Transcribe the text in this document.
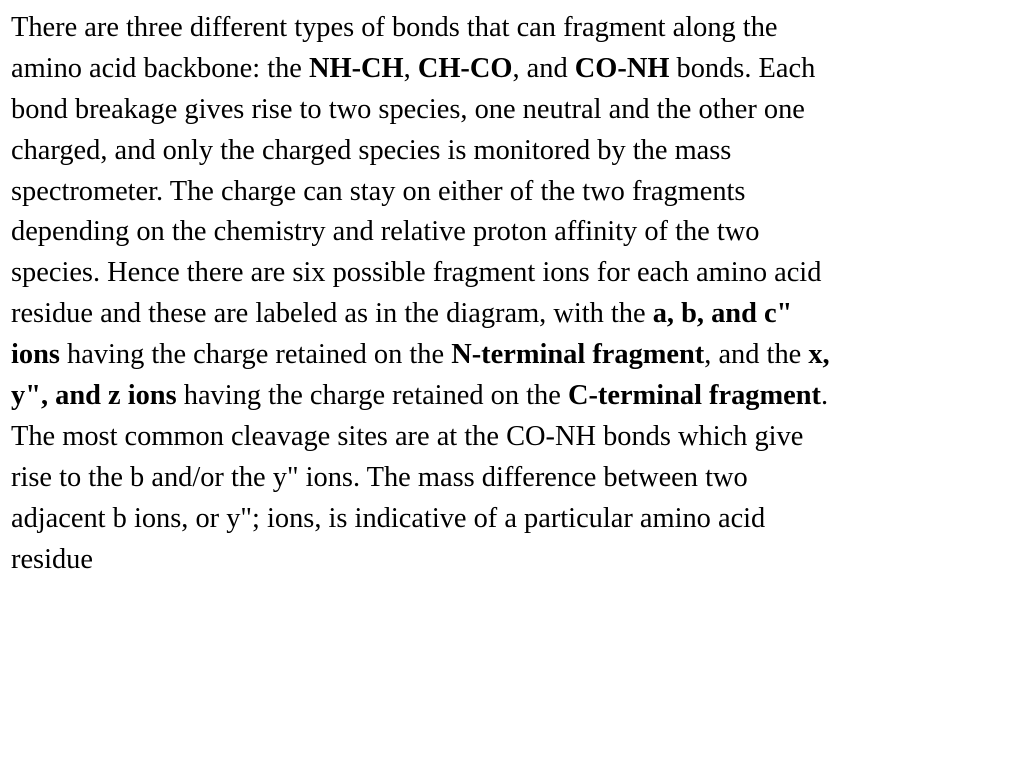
There are three different types of bonds that can fragment along the
amino acid backbone: the NH-CH, CH-CO, and CO-NH bonds. Each
bond breakage gives rise to two species, one neutral and the other one
charged, and only the charged species is monitored by the mass
spectrometer. The charge can stay on either of the two fragments
depending on the chemistry and relative proton affinity of the two
species. Hence there are six possible fragment ions for each amino acid
residue and these are labeled as in the diagram, with the a, b, and c"
ions having the charge retained on the N-terminal fragment, and the x,
y", and z ions having the charge retained on the C-terminal fragment.
The most common cleavage sites are at the CO-NH bonds which give
rise to the b and/or the y" ions. The mass difference between two
adjacent b ions, or y"; ions, is indicative of a particular amino acid
residue
